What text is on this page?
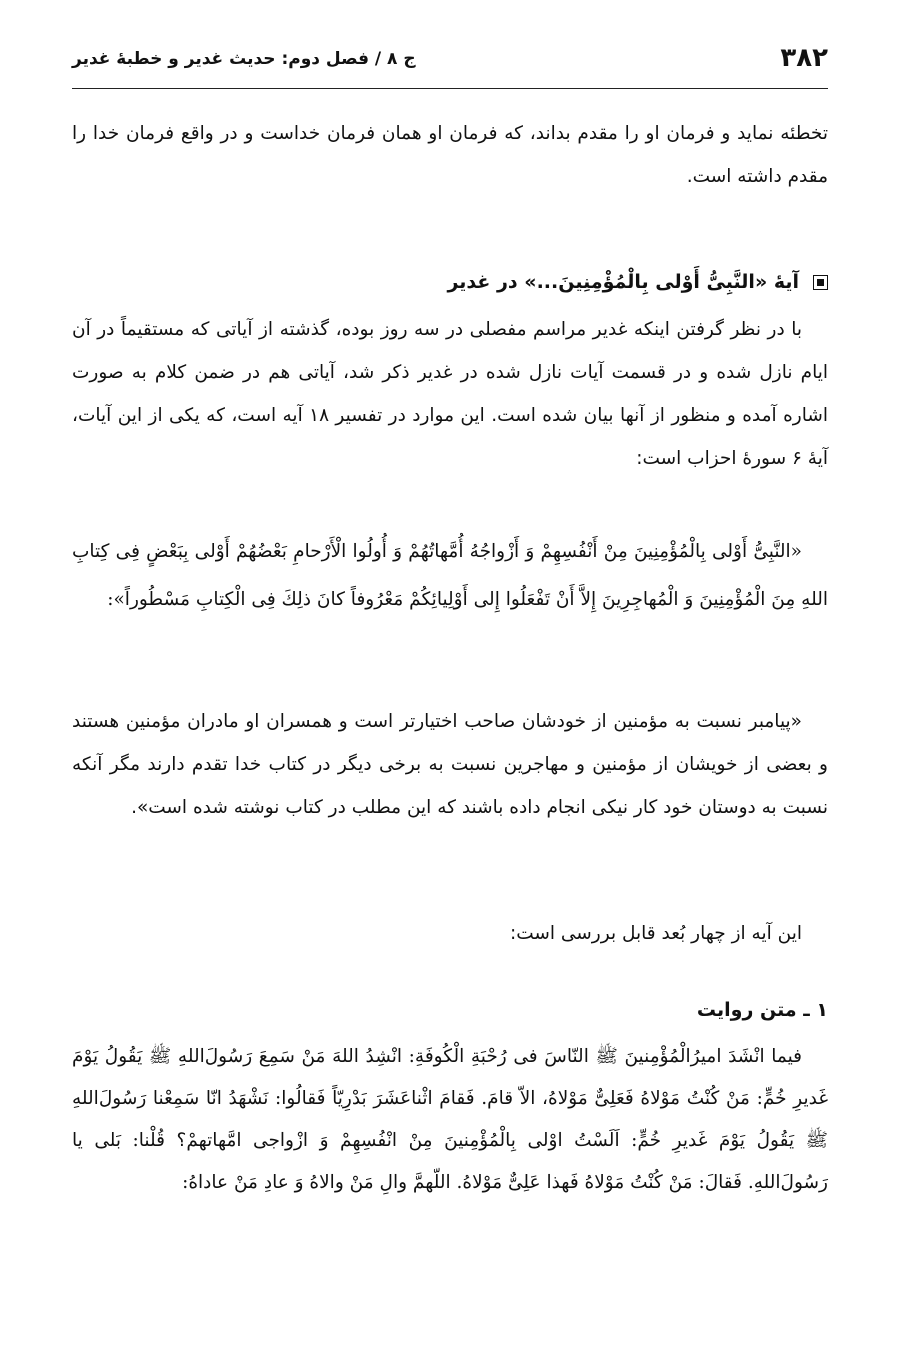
۳۸۲
ج ۸ / فصل دوم: حدیث غدیر و خطبهٔ غدیر

تخطئه نماید و فرمان او را مقدم بداند، که فرمان او همان فرمان خداست و در واقع فرمان خدا را مقدم داشته است.

آیهٔ «النَّبِیُّ أَوْلی بِالْمُؤْمِنِینَ...» در غدیر

با در نظر گرفتن اینکه غدیر مراسم مفصلی در سه روز بوده، گذشته از آیاتی که مستقیماً در آن ایام نازل شده و در قسمت آیات نازل شده در غدیر ذکر شد، آیاتی هم در ضمن کلام به صورت اشاره آمده و منظور از آنها بیان شده است. این موارد در تفسیر ۱۸ آیه است، که یکی از این آیات، آیهٔ ۶ سورهٔ احزاب است:

«النَّبِیُّ أَوْلی بِالْمُؤْمِنِینَ مِنْ أَنْفُسِهِمْ وَ أَزْواجُهُ أُمَّهاتُهُمْ وَ أُولُوا الْأَرْحامِ بَعْضُهُمْ أَوْلی بِبَعْضٍ فِی كِتابِ اللهِ مِنَ الْمُؤْمِنِینَ وَ الْمُهاجِرِینَ إِلاَّ أَنْ تَفْعَلُوا إِلی أَوْلِیائِكُمْ مَعْرُوفاً كانَ ذلِكَ فِی الْكِتابِ مَسْطُوراً»:

«پیامبر نسبت به مؤمنین از خودشان صاحب اختیارتر است و همسران او مادران مؤمنین هستند و بعضی از خویشان از مؤمنین و مهاجرین نسبت به برخی دیگر در کتاب خدا تقدم دارند مگر آنکه نسبت به دوستان خود کار نیکی انجام داده باشند که این مطلب در کتاب نوشته شده است».

این آیه از چهار بُعد قابل بررسی است:

۱ ـ متن روایت

فیما انْشَدَ امیرُالْمُؤْمِنینَ ﷺ النّاسَ فی رُحْبَةِ الْكُوفَةِ: انْشِدُ اللهَ مَنْ سَمِعَ رَسُولَ‌اللهِ ﷺ یَقُولُ یَوْمَ غَدیرِ خُمٍّ: مَنْ كُنْتُ مَوْلاهُ فَعَلِیٌّ مَوْلاهُ، الاّ قامَ. فَقامَ اثْناعَشَرَ بَدْرِیّاً فَقالُوا: نَشْهَدُ انّا سَمِعْنا رَسُولَ‌اللهِ ﷺ یَقُولُ یَوْمَ غَدیرِ خُمٍّ: اَلَسْتُ اوْلی بِالْمُؤْمِنینَ مِنْ انْفُسِهِمْ وَ ازْواجی امَّهاتهمْ؟ قُلْنا: بَلی یا رَسُولَ‌اللهِ. فَقالَ: مَنْ كُنْتُ مَوْلاهُ فَهذا عَلِیٌّ مَوْلاهُ. اللّهمَّ والِ مَنْ والاهُ وَ عادِ مَنْ عاداهُ:
